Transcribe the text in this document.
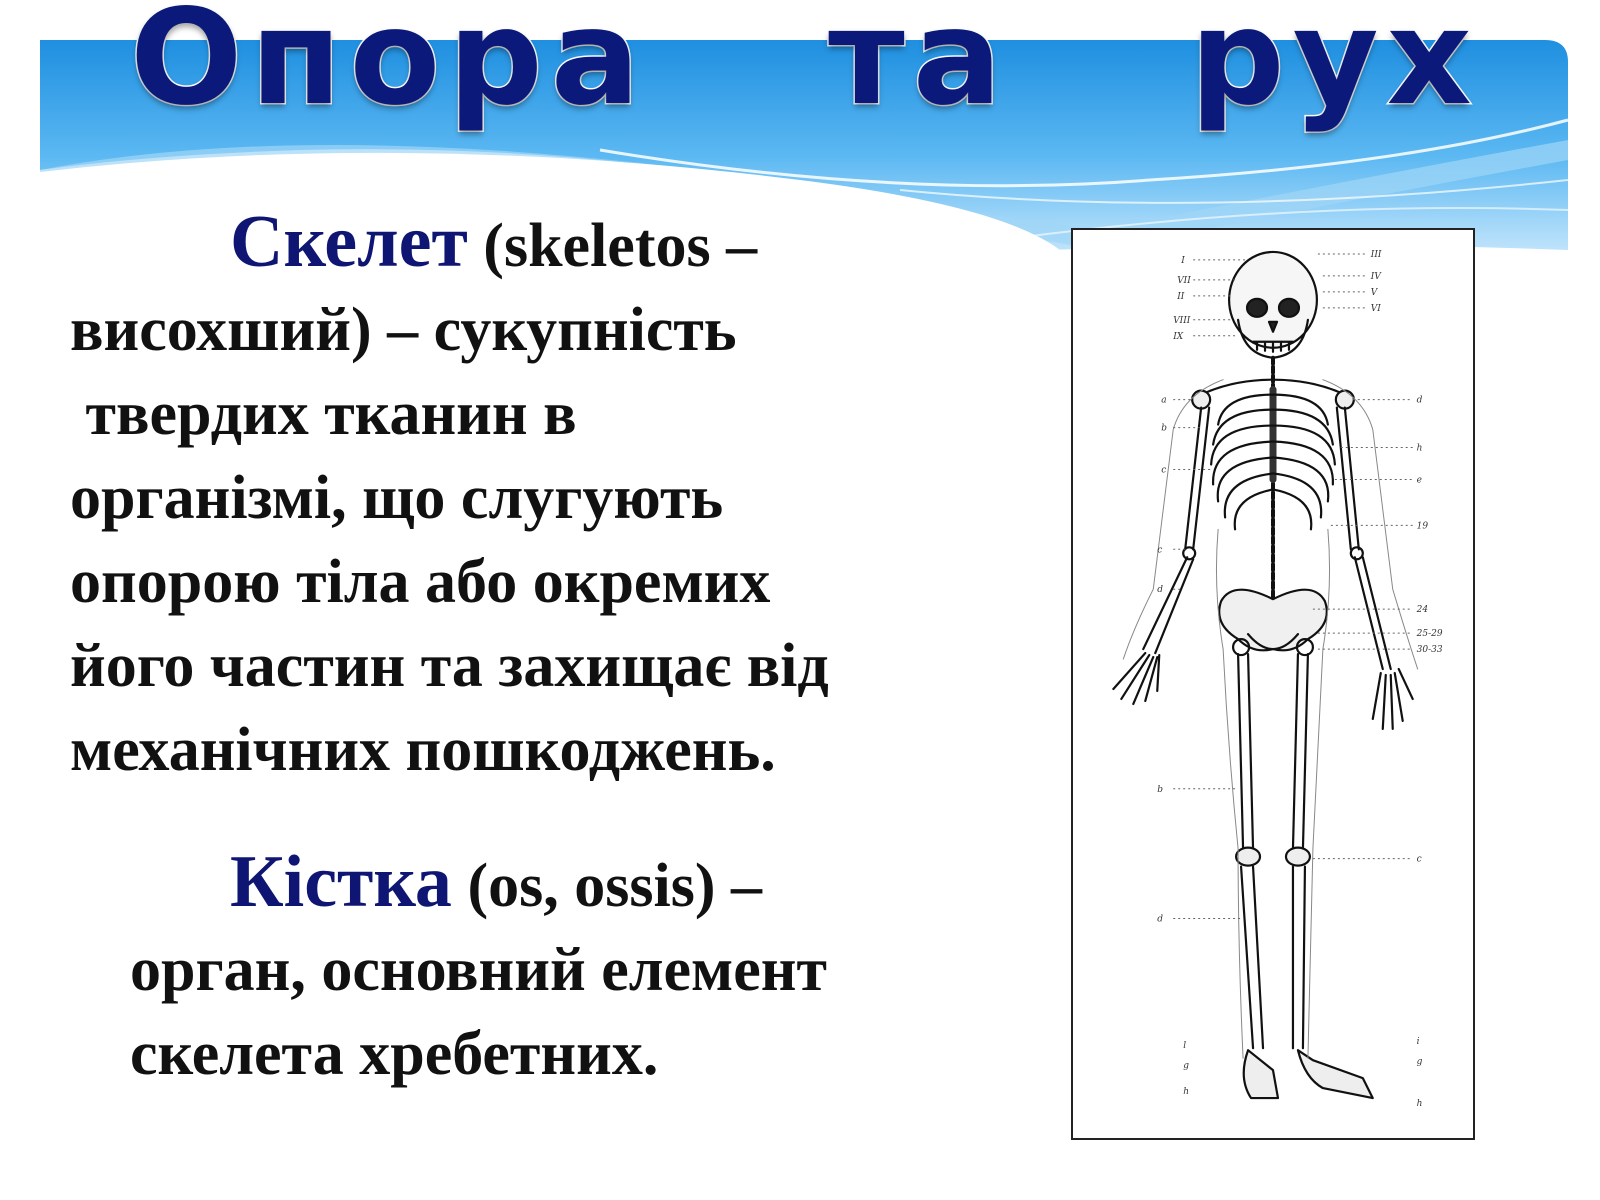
Опора та рух

Скелет (skeletos –
висохший) – сукупність
твердих тканин в
організмі, що слугують
опорою тіла або окремих
його частин та захищає від
механічних пошкоджень.

Кістка (os, ossis) –
орган, основний елемент
скелета хребетних.

I
VII
II
VIII
IX
III
IV
V
VI
d
h
e
19
24
25-29
30-33
a
b
c
c
d
b
c
d
l
g
i
g
h
h
